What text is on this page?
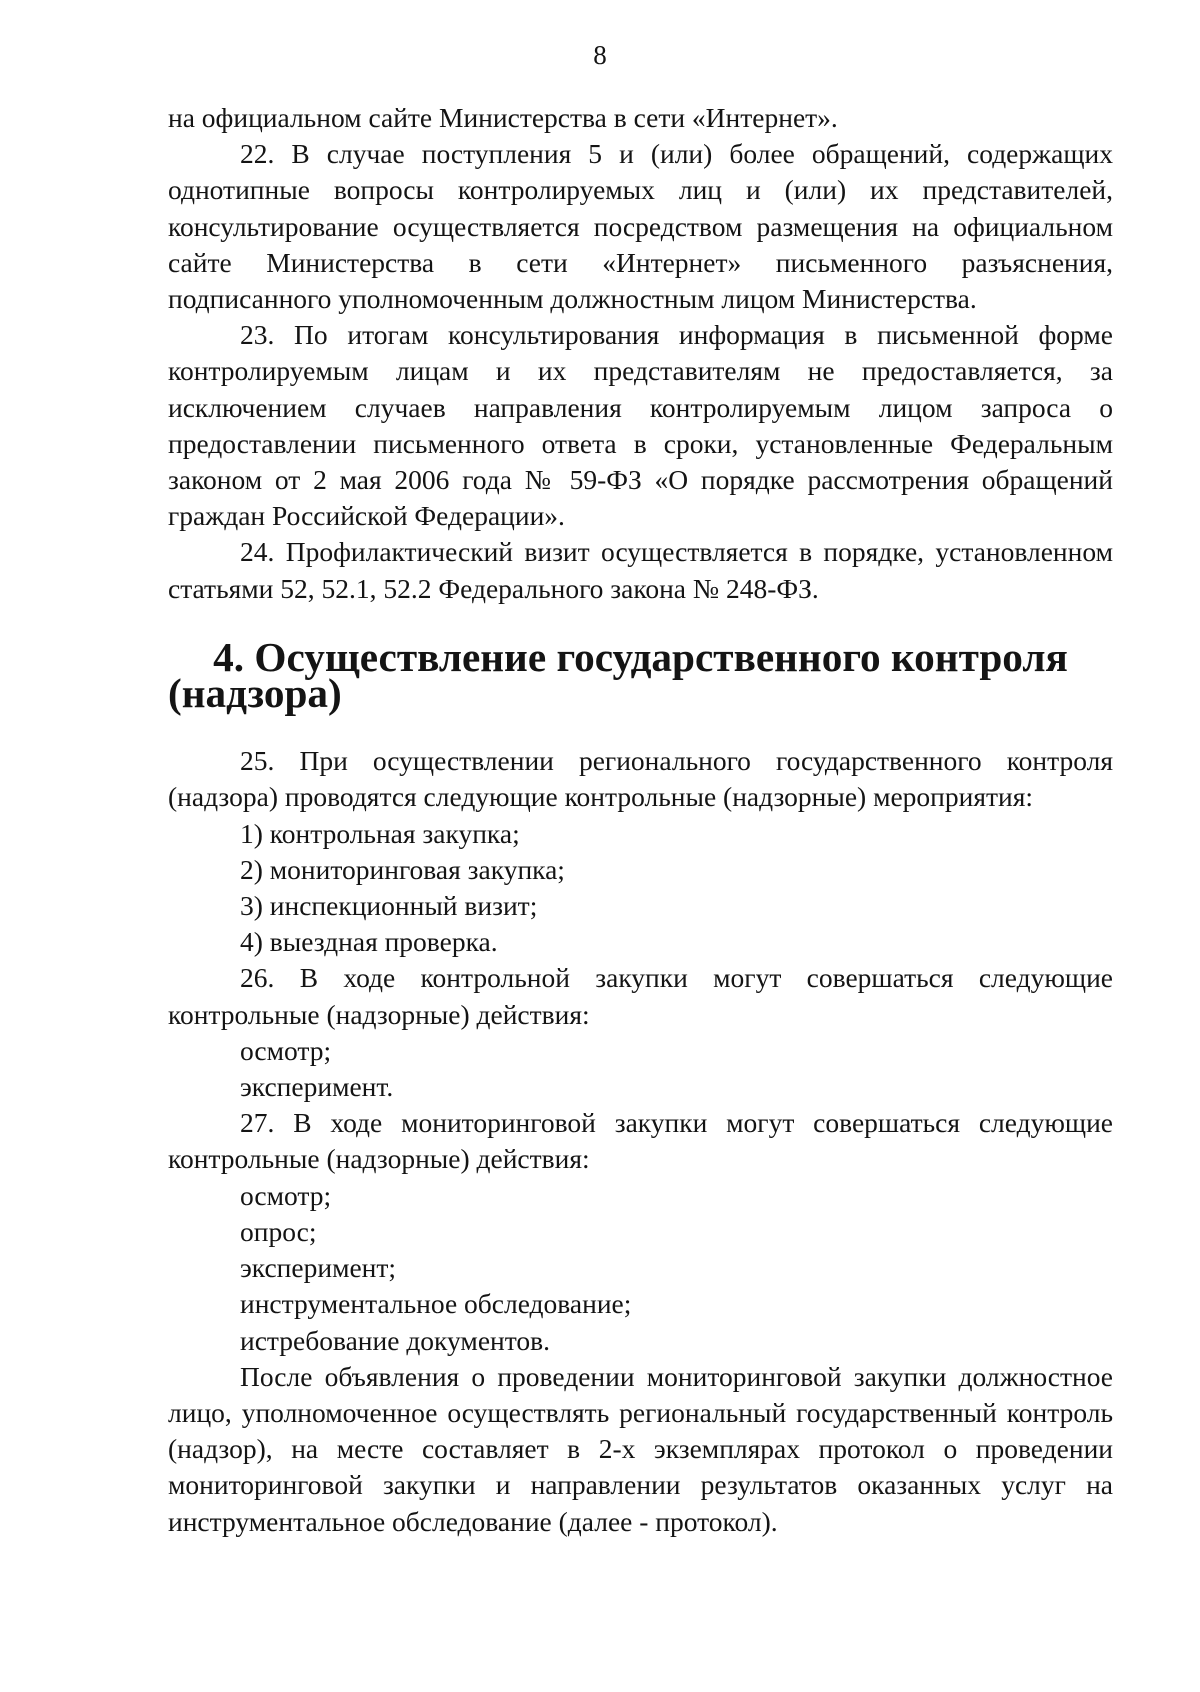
8

на официальном сайте Министерства в сети «Интернет».

22. В случае поступления 5 и (или) более обращений, содержащих однотипные вопросы контролируемых лиц и (или) их представителей, консультирование осуществляется посредством размещения на официальном сайте Министерства в сети «Интернет» письменного разъяснения, подписанного уполномоченным должностным лицом Министерства.

23. По итогам консультирования информация в письменной форме контролируемым лицам и их представителям не предоставляется, за исключением случаев направления контролируемым лицом запроса о предоставлении письменного ответа в сроки, установленные Федеральным законом от 2 мая 2006 года № 59-ФЗ «О порядке рассмотрения обращений граждан Российской Федерации».

24. Профилактический визит осуществляется в порядке, установленном статьями 52, 52.1, 52.2 Федерального закона № 248-ФЗ.

4. Осуществление государственного контроля (надзора)

25. При осуществлении регионального государственного контроля (надзора) проводятся следующие контрольные (надзорные) мероприятия:

1) контрольная закупка;

2) мониторинговая закупка;

3) инспекционный визит;

4) выездная проверка.

26. В ходе контрольной закупки могут совершаться следующие контрольные (надзорные) действия:

осмотр;

эксперимент.

27. В ходе мониторинговой закупки могут совершаться следующие контрольные (надзорные) действия:

осмотр;

опрос;

эксперимент;

инструментальное обследование;

истребование документов.

После объявления о проведении мониторинговой закупки должностное лицо, уполномоченное осуществлять региональный государственный контроль (надзор), на месте составляет в 2-х экземплярах протокол о проведении мониторинговой закупки и направлении результатов оказанных услуг на инструментальное обследование (далее - протокол).
